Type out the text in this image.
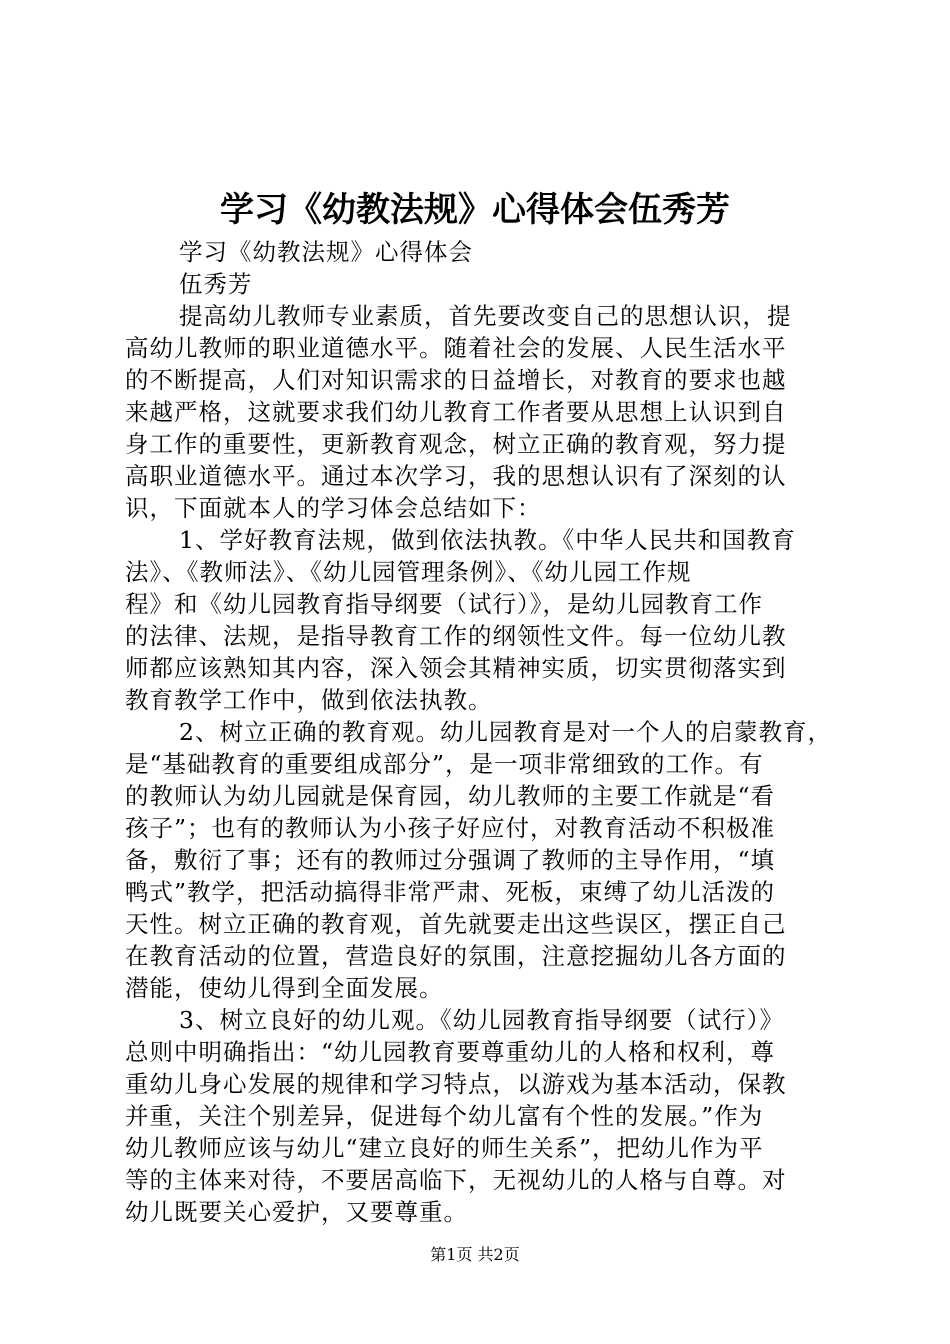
学习《幼教法规》心得体会伍秀芳
学习《幼教法规》心得体会
伍秀芳
提高幼儿教师专业素质，首先要改变自己的思想认识，提
高幼儿教师的职业道德水平。随着社会的发展、人民生活水平
的不断提高，人们对知识需求的日益增长，对教育的要求也越
来越严格，这就要求我们幼儿教育工作者要从思想上认识到自
身工作的重要性，更新教育观念，树立正确的教育观，努力提
高职业道德水平。通过本次学习，我的思想认识有了深刻的认
识，下面就本人的学习体会总结如下：
1、学好教育法规，做到依法执教。《中华人民共和国教育
法》、《教师法》、《幼儿园管理条例》、《幼儿园工作规
程》和《幼儿园教育指导纲要（试行）》，是幼儿园教育工作
的法律、法规，是指导教育工作的纲领性文件。每一位幼儿教
师都应该熟知其内容，深入领会其精神实质，切实贯彻落实到
教育教学工作中，做到依法执教。
2、树立正确的教育观。幼儿园教育是对一个人的启蒙教育，
是“基础教育的重要组成部分”，是一项非常细致的工作。有
的教师认为幼儿园就是保育园，幼儿教师的主要工作就是“看
孩子”；也有的教师认为小孩子好应付，对教育活动不积极准
备，敷衍了事；还有的教师过分强调了教师的主导作用，“填
鸭式”教学，把活动搞得非常严肃、死板，束缚了幼儿活泼的
天性。树立正确的教育观，首先就要走出这些误区，摆正自己
在教育活动的位置，营造良好的氛围，注意挖掘幼儿各方面的
潜能，使幼儿得到全面发展。
3、树立良好的幼儿观。《幼儿园教育指导纲要（试行）》
总则中明确指出：“幼儿园教育要尊重幼儿的人格和权利，尊
重幼儿身心发展的规律和学习特点，以游戏为基本活动，保教
并重，关注个别差异，促进每个幼儿富有个性的发展。”作为
幼儿教师应该与幼儿“建立良好的师生关系”，把幼儿作为平
等的主体来对待，不要居高临下，无视幼儿的人格与自尊。对
幼儿既要关心爱护，又要尊重。
第1页 共2页
